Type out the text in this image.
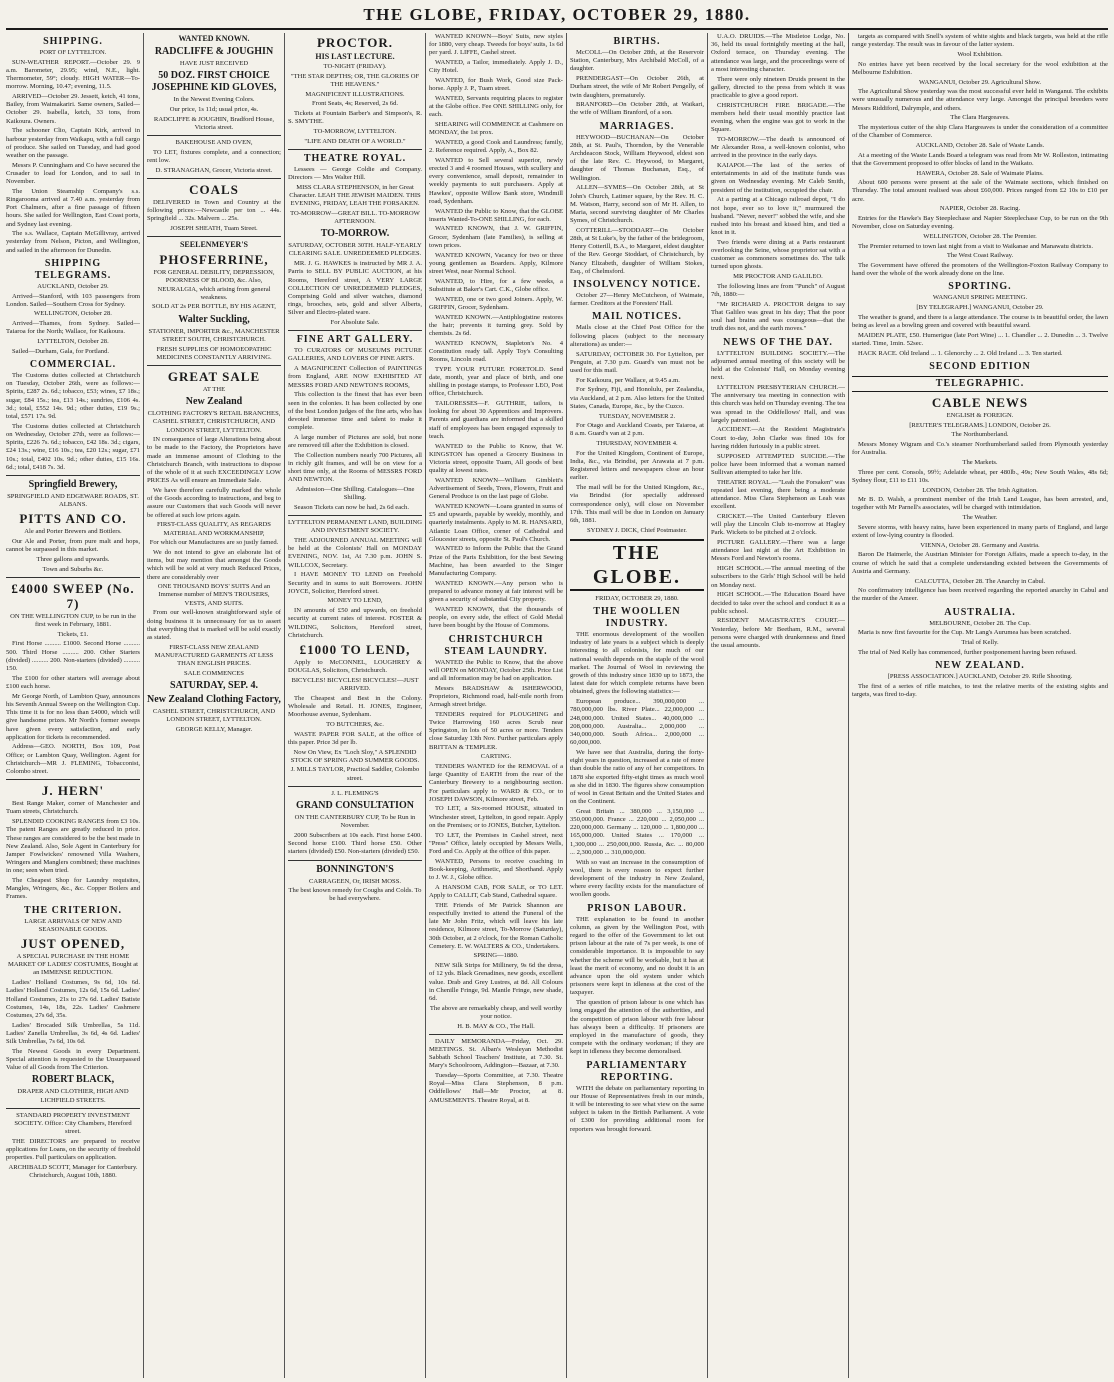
THE GLOBE, FRIDAY, OCTOBER 29, 1880.
SHIPPING.
PORT OF LYTTELTON.
SUN-WEATHER REPORT.—October 29. 9 a.m. Barometer, 29.95; wind, N.E., light. Thermometer, 59°; cloudy. HIGH WATER—To-morrow. Morning, 10.47; evening, 11.5.
ARRIVED—October 29. Jessett, ketch, 41 tons, Bailey, from Waimakariri. Same owners, Sailed—October 29. Isabella, ketch, 33 tons, from Kaikoura. Owners.
The schooner Clio, Captain Kirk, arrived in harbour yesterday from Waikapu, with a full cargo of produce. She sailed on Tuesday, and had good weather on the passage.
Messrs P. Cunningham and Co have secured the Crusader to load for London, and to sail in November.
The Union Steamship Company's s.s. Ringarooma arrived at 7.40 a.m. yesterday from Port Chalmers, after a fine passage of fifteen hours. She sailed for Wellington, East Coast ports, and Sydney last evening.
The s.s. Wallace, Captain McGillivray, arrived yesterday from Nelson, Picton, and Wellington, and sailed in the afternoon for Dunedin.
SHIPPING TELEGRAMS.
AUCKLAND, October 29.
Arrived—Stanford, with 103 passengers from London. Sailed—Southern Cross for Sydney.
WELLINGTON, October 28.
Arrived—Thames, from Sydney. Sailed—Taiaroa for the North; Wallace, for Kaikoura.
LYTTELTON, October 28.
Sailed—Durham, Gala, for Portland.
COMMERCIAL.
The Customs duties collected at Christchurch on Tuesday, October 26th, were as follows:—Spirits, £287 2s. 6d.; tobacco, £53; wines, £7 18s.; sugar, £84 15s.; tea, £13 14s.; sundries, £106 4s. 3d.; total, £552 14s. 9d.; other duties, £19 9s.; total, £571 17s. 9d.
The Customs duties collected at Christchurch on Wednesday, October 27th, were as follows:—Spirits, £226 7s. 6d.; tobacco, £42 18s. 3d.; cigars, £24 13s.; wine, £16 10s.; tea, £20 12s.; sugar, £71 10s.; total, £402 10s. 9d.; other duties, £15 16s. 6d.; total, £418 7s. 3d.
Springfield Brewery,
SPRINGFIELD AND EDGEWARE ROADS, ST. ALBANS.
PITTS AND CO.
Ale and Porter Brewers and Bottlers.
Our Ale and Porter, from pure malt and hops, cannot be surpassed in this market.
Three gallons and upwards.
Town and Suburbs &c.
£4000 SWEEP (No. 7)
ON THE WELLINGTON CUP, to be run in the first week in February, 1881.
Tickets, £1.
First Horse .......... £1000. Second Horse .......... 500. Third Horse .......... 200. Other Starters (divided) .......... 200. Non-starters (divided) .......... 150.
The £100 for other starters will average about £100 each horse.
Mr George North, of Lambton Quay, announces his Seventh Annual Sweep on the Wellington Cup. This time it is for no less than £4000, which will give handsome prizes. Mr North's former sweeps have given every satisfaction, and early application for tickets is recommended.
Address—GEO. NORTH, Box 109, Post Office; or Lambton Quay, Wellington. Agent for Christchurch—MR J. FLEMING, Tobacconist, Colombo street.
J. HERN'
Best Range Maker, corner of Manchester and Tuam streets, Christchurch.
SPLENDID COOKING RANGES from £3 10s. The patent Ranges are greatly reduced in price. These ranges are considered to be the best made in New Zealand. Also, Sole Agent in Canterbury for Jamper Fowlwickes' renowned Villa Washers, Wringers and Manglers combined; these machines in one; seen when tried.
The Cheapest Shop for Laundry requisites, Mangles, Wringers, &c., &c. Copper Boilers and Frames.
THE CRITERION.
LARGE ARRIVALS OF NEW AND SEASONABLE GOODS.
JUST OPENED,
A SPECIAL PURCHASE IN THE HOME MARKET OF LADIES' COSTUMES, Bought at an IMMENSE REDUCTION.
Ladies' Holland Costumes, 9s 6d, 10s 6d. Ladies' Holland Costumes, 12s 6d, 15s 6d. Ladies' Holland Costumes, 21s to 27s 6d. Ladies' Batiste Costumes, 14s, 18s, 22s. Ladies' Cashmere Costumes, 27s 6d, 35s.
Ladies' Brocaded Silk Umbrellas, 5s 11d. Ladies' Zanella Umbrellas, 3s 6d, 4s 6d. Ladies' Silk Umbrellas, 7s 6d, 10s 6d.
The Newest Goods in every Department. Special attention is requested to the Unsurpassed Value of all Goods from The Criterion.
ROBERT BLACK,
DRAPER AND CLOTHIER, HIGH AND LICHFIELD STREETS.
STANDARD PROPERTY INVESTMENT SOCIETY. Office: City Chambers, Hereford street.
THE DIRECTORS are prepared to receive applications for Loans, on the security of freehold properties. Full particulars on application.
ARCHIBALD SCOTT, Manager for Canterbury. Christchurch, August 10th, 1880.
WANTED KNOWN.
RADCLIFFE & JOUGHIN
HAVE JUST RECEIVED
50 DOZ. FIRST CHOICE JOSEPHINE KID GLOVES,
In the Newest Evening Colors.
Our price, 1s 11d; usual price, 4s.
RADCLIFFE & JOUGHIN, Bradford House, Victoria street.
BAKEHOUSE AND OVEN,
TO LET, fixtures complete, and a connection; rent low.
D. STRANAGHAN, Grocer, Victoria street.
COALS
DELIVERED in Town and Country at the following prices:—Newcastle per ton ... 44s. Springfield ... 32s. Malvern ... 25s.
JOSEPH SHEATH, Tuam Street.
SEELENMEYER'S
PHOSFERRINE,
FOR GENERAL DEBILITY, DEPRESSION, POORNESS OF BLOOD, &c. Also, NEURALGIA, which arising from general weakness.
SOLD AT 2s PER BOTTLE, BY HIS AGENT,
Walter Suckling,
STATIONER, IMPORTER &c., MANCHESTER STREET SOUTH, CHRISTCHURCH.
FRESH SUPPLIES OF HOMOEOPATHIC MEDICINES CONSTANTLY ARRIVING.
GREAT SALE
AT THE
New Zealand
CLOTHING FACTORY'S RETAIL BRANCHES, CASHEL STREET, CHRISTCHURCH, AND LONDON STREET, LYTTELTON.
IN consequence of large Alterations being about to be made to the Factory, the Proprietors have made an immense amount of Clothing to the Christchurch Branch, with instructions to dispose of the whole of it at such EXCEEDINGLY LOW PRICES As will ensure an Immediate Sale.
We have therefore carefully marked the whole of the Goods according to instructions, and beg to assure our Customers that such Goods will never be offered at such low prices again.
FIRST-CLASS QUALITY, AS REGARDS MATERIAL AND WORKMANSHIP,
For which our Manufactures are so justly famed.
We do not intend to give an elaborate list of items, but may mention that amongst the Goods which will be sold at very much Reduced Prices, there are considerably over
ONE THOUSAND BOYS' SUITS And an Immense number of MEN'S TROUSERS, VESTS, AND SUITS.
From our well-known straightforward style of doing business it is unnecessary for us to assert that everything that is marked will be sold exactly as stated.
FIRST-CLASS NEW ZEALAND MANUFACTURED GARMENTS AT LESS THAN ENGLISH PRICES.
SALE COMMENCES
SATURDAY, SEP. 4.
New Zealand Clothing Factory,
CASHEL STREET, CHRISTCHURCH, AND LONDON STREET, LYTTELTON.
GEORGE KELLY, Manager.
PROCTOR.
HIS LAST LECTURE.
TO-NIGHT (FRIDAY).
"THE STAR DEPTHS; OR, THE GLORIES OF THE HEAVENS."
MAGNIFICENT ILLUSTRATIONS.
Front Seats, 4s; Reserved, 2s 6d.
Tickets at Fountain Barber's and Simpson's, R. S. SMYTHE.
TO-MORROW, LYTTELTON.
"LIFE AND DEATH OF A WORLD."
THEATRE ROYAL.
Lessees — George Coldie and Company. Directors — Mrs Walter Hill.
MISS CLARA STEPHENSON, in her Great Character. LEAH THE JEWISH MAIDEN. THIS EVENING, FRIDAY, LEAH THE FORSAKEN.
TO-MORROW—GREAT BILL. TO-MORROW AFTERNOON.
TO-MORROW.
SATURDAY, OCTOBER 30TH. HALF-YEARLY CLEARING SALE. UNREDEEMED PLEDGES.
MR. J. G. HAWKES is instructed by MR J. A. Parris to SELL BY PUBLIC AUCTION, at his Rooms, Hereford street, A VERY LARGE COLLECTION OF UNREDEEMED PLEDGES, Comprising Gold and silver watches, diamond rings, brooches, sets, gold and silver Alberts, Silver and Electro-plated ware.
For Absolute Sale.
FINE ART GALLERY.
TO CURATORS OF MUSEUMS PICTURE GALLERIES, AND LOVERS OF FINE ARTS.
A MAGNIFICENT Collection of PAINTINGS from England, ARE NOW EXHIBITED AT MESSRS FORD AND NEWTON'S ROOMS,
This collection is the finest that has ever been seen in the colonies. It has been collected by one of the best London judges of the fine arts, who has devoted immense time and talent to make it complete.
A large number of Pictures are sold, but none are removed till after the Exhibition is closed.
The Collection numbers nearly 700 Pictures, all in richly gilt frames, and will be on view for a short time only, at the Rooms of MESSRS FORD AND NEWTON.
Admission—One Shilling. Catalogues—One Shilling.
Season Tickets can now be had, 2s 6d each.
LYTTELTON PERMANENT LAND, BUILDING AND INVESTMENT SOCIETY.
THE ADJOURNED ANNUAL MEETING will be held at the Colonists' Hall on MONDAY EVENING, NOV. 1st, At 7.30 p.m. JOHN S. WILLCOX, Secretary.
I HAVE MONEY TO LEND on Freehold Security and in sums to suit Borrowers. JOHN JOYCE, Solicitor, Hereford street.
MONEY TO LEND,
IN amounts of £50 and upwards, on freehold security at current rates of interest. FOSTER & WILDING, Solicitors, Hereford street, Christchurch.
£1000 TO LEND,
Apply to McCONNEL, LOUGHREY & DOUGLAS, Solicitors, Christchurch.
BICYCLES! BICYCLES! BICYCLES!—JUST ARRIVED.
The Cheapest and Best in the Colony. Wholesale and Retail. H. JONES, Engineer, Moorhouse avenue, Sydenham.
TO BUTCHERS, &c.
WASTE PAPER FOR SALE, at the office of this paper. Price 3d per lb.
Now On View, Ex "Loch Sloy," A SPLENDID STOCK OF SPRING AND SUMMER GOODS.
J. MILLS TAYLOR, Practical Saddler, Colombo street.
J. L. FLEMING'S
GRAND CONSULTATION
ON THE CANTERBURY CUP, To be Run in November.
2000 Subscribers at 10s each. First horse £400. Second horse £100. Third horse £50. Other starters (divided) £50. Non-starters (divided) £50.
BONNINGTON'S
CARRAGEEN, Or, IRISH MOSS.
The best known remedy for Coughs and Colds. To be had everywhere.
WANTED KNOWN—Boys' Suits, new styles for 1880, very cheap. Tweeds for boys' suits, 1s 6d per yard. J. LIFFE, Cashel street.
WANTED, a Tailor, immediately. Apply J. D., City Hotel.
WANTED, for Bush Work, Good size Pack-horse. Apply J. P., Tuam street.
WANTED, Servants requiring places to register at the Globe office. Fee ONE SHILLING only, for each.
SHEARING will COMMENCE at Cashmere on MONDAY, the 1st prox.
WANTED, a good Cook and Laundress; family, 2. Reference required. Apply, A., Box 82.
WANTED to Sell several superior, newly erected 3 and 4 roomed Houses, with scullery and every convenience, small deposit, remainder in weekly payments to suit purchasers. Apply at Hawkes', opposite Willow Bank store, Windmill road, Sydenham.
WANTED the Public to Know, that the GLOBE inserts Wanted-To-ONE SHILLING, for each.
WANTED KNOWN, that J. W. GRIFFIN, Grocer, Sydenham (late Families), is selling at town prices.
WANTED KNOWN, Vacancy for two or three young gentlemen as Boarders. Apply, Kilmore street West, near Normal School.
WANTED, to Hire, for a few weeks, a Substitute at Baker's Cart. C.K., Globe office.
WANTED, one or two good Joiners. Apply, W. GRIFFIN, Grocer, Sydenham.
WANTED KNOWN.—Antiphlogistine restores the hair; prevents it turning grey. Sold by chemists. 2s 6d.
WANTED KNOWN, Stapleton's No. 4 Constitution ready tall. Apply Toy's Consulting Rooms, Lincoln road.
TYPE YOUR FUTURE FORETOLD. Send date, month, year and place of birth, and one shilling in postage stamps, to Professor LEO, Post office, Christchurch.
TAILORESSES—F. GUTHRIE, tailors, is looking for about 30 Apprentices and Improvers. Parents and guardians are informed that a skilled staff of employees has been engaged expressly to teach.
WANTED to the Public to Know, that W. KINGSTON has opened a Grocery Business in Victoria street, opposite Tuam, All goods of best quality at lowest rates.
WANTED KNOWN—William Gimblett's Advertisement of Seeds, Trees, Flowers, Fruit and General Produce is on the last page of Globe.
WANTED KNOWN—Loans granted in sums of £5 and upwards, payable by weekly, monthly, and quarterly instalments. Apply to M. R. HANSARD, Atlantic Loan Office, corner of Cathedral and Gloucester streets, opposite St. Paul's Church.
WANTED to Inform the Public that the Grand Prize of the Paris Exhibition, for the best Sewing Machine, has been awarded to the Singer Manufacturing Company.
WANTED KNOWN.—Any person who is prepared to advance money at fair interest will be given a security of substantial City property.
WANTED KNOWN, that the thousands of people, on every side, the effect of Gold Medal have been bought by the House of Commons.
CHRISTCHURCH STEAM LAUNDRY.
WANTED the Public to Know, that the above will OPEN on MONDAY, October 25th. Price List and all information may be had on application.
Messrs BRADSHAW & ISHERWOOD, Proprietors, Richmond road, half-mile north from Armagh street bridge.
TENDERS required for PLOUGHING and Twice Harrowing 160 acres Scrub near Springston, in lots of 50 acres or more. Tenders close Saturday 13th Nov. Further particulars apply BRITTAN & TEMPLER.
CARTING.
TENDERS WANTED for the REMOVAL of a large Quantity of EARTH from the rear of the Canterbury Brewery to a neighbouring section. For particulars apply to WARD & CO., or to JOSEPH DAWSON, Kilmore street, Feb.
TO LET, a Six-roomed HOUSE, situated in Winchester street, Lyttelton, in good repair. Apply on the Premises; or to JONES, Butcher, Lyttelton.
TO LET, the Premises in Cashel street, next "Press" Office, lately occupied by Messrs Wells, Ford and Co. Apply at the office of this paper.
WANTED, Persons to receive coaching in Book-keeping, Arithmetic, and Shorthand. Apply to J. W. J., Globe office.
A HANSOM CAB, FOR SALE, or TO LET. Apply to CALLIT, Cab Stand, Cathedral square.
THE Friends of Mr Patrick Shannon are respectfully invited to attend the Funeral of the late Mr John Fritz, which will leave his late residence, Kilmore street, To-Morrow (Saturday), 30th October, at 2 o'clock, for the Roman Catholic Cemetery. E. W. WALTERS & CO., Undertakers.
SPRING—1880.
NEW Silk Strips for Millinery, 9s 6d the dress, of 12 yds. Black Grenadines, new goods, excellent value. Drab and Grey Lustres, at 8d. All Colours in Chenille Fringe, 9d. Mantle Fringe, new shade, 6d.
The above are remarkably cheap, and well worthy your notice.
H. B. MAY & CO., The Hall.
DAILY MEMORANDA—Friday, Oct. 29. MEETINGS. St. Alban's Wesleyan Methodist Sabbath School Teachers' Institute, at 7.30. St. Mary's Schoolroom, Addington—Bazaar, at 7.30.
Tuesday—Sports Committee, at 7.30. Theatre Royal—Miss Clara Stephenson, 8 p.m. Oddfellows' Hall—Mr Proctor, at 8. AMUSEMENTS. Theatre Royal, at 8.
BIRTHS.
McCOLL—On October 28th, at the Reservoir Station, Canterbury, Mrs Archibald McColl, of a daughter.
PRENDERGAST—On October 26th, at Durham street, the wife of Mr Robert Pengelly, of twin daughters, prematurely.
BRANFORD—On October 28th, at Waikari, the wife of William Branford, of a son.
MARRIAGES.
HEYWOOD—BUCHANAN—On October 28th, at St. Paul's, Thorndon, by the Venerable Archdeacon Stock, William Heywood, eldest son of the late Rev. C. Heywood, to Margaret, daughter of Thomas Buchanan, Esq., of Wellington.
ALLEN—SYMES—On October 28th, at St John's Church, Latimer square, by the Rev. H. C. M. Watson, Harry, second son of Mr H. Allen, to Maria, second surviving daughter of Mr Charles Symes, of Christchurch.
COTTERILL—STODDART—On October 28th, at St Luke's, by the father of the bridegroom, Henry Cotterill, B.A., to Margaret, eldest daughter of the Rev. George Stoddart, of Christchurch, by Nancy Elizabeth, daughter of William Stokes, Esq., of Chelmsford.
INSOLVENCY NOTICE.
October 27—Henry McCutcheon, of Waimate, farmer. Creditors at the Foresters' Hall.
MAIL NOTICES.
Mails close at the Chief Post Office for the following places (subject to the necessary alterations) as under:—
SATURDAY, OCTOBER 30. For Lyttelton, per Penguin, at 7.30 p.m. Guard's van must not be used for this mail.
For Kaikoura, per Wallace, at 9.45 a.m.
For Sydney, Fiji, and Honolulu, per Zealandia, via Auckland, at 2 p.m. Also letters for the United States, Canada, Europe, &c., by the Cuzco.
TUESDAY, NOVEMBER 2.
For Otago and Auckland Coasts, per Taiaroa, at 8 a.m. Guard's van at 2 p.m.
THURSDAY, NOVEMBER 4.
For the United Kingdom, Continent of Europe, India, &c., via Brindisi, per Arawata at 7 p.m. Registered letters and newspapers close an hour earlier.
The mail will be for the United Kingdom, &c., via Brindisi (for specially addressed correspondence only), will close on November 17th. This mail will be due in London on January 6th, 1881.
SYDNEY J. DICK, Chief Postmaster.
THE GLOBE.
FRIDAY, OCTOBER 29, 1880.
THE WOOLLEN INDUSTRY.
THE enormous development of the woollen industry of late years is a subject which is deeply interesting to all colonists, for much of our national wealth depends on the staple of the wool market. The Journal of Wool in reviewing the growth of this industry since 1830 up to 1873, the latest date for which complete returns have been obtained, gives the following statistics:—
European produce... 390,000,000 ... 780,000,000 lbs. River Plate... 22,000,000 ... 248,000,000. United States... 40,000,000 ... 208,000,000. Australia... 2,000,000 ... 340,000,000. South Africa... 2,000,000 ... 60,000,000.
We have see that Australia, during the forty-eight years in question, increased at a rate of more than double the ratio of any of her competitors. In 1878 she exported fifty-eight times as much wool as she did in 1830. The figures show consumption of wool in Great Britain and the United States and on the Continent.
Great Britain ... 380,000 ... 3,150,000 ... 350,000,000. France ... 220,000 ... 2,050,000 ... 220,000,000. Germany ... 120,000 ... 1,800,000 ... 165,000,000. United States ... 170,000 ... 1,300,000 ... 250,000,000. Russia, &c. ... 80,000 ... 2,300,000 ... 310,000,000.
With so vast an increase in the consumption of wool, there is every reason to expect further development of the industry in New Zealand, where every facility exists for the manufacture of woollen goods.
PRISON LABOUR.
THE explanation to be found in another column, as given by the Wellington Post, with regard to the offer of the Government to let out prison labour at the rate of 7s per week, is one of considerable importance. It is impossible to say whether the scheme will be workable, but it has at least the merit of economy, and no doubt it is an advance upon the old system under which prisoners were kept in idleness at the cost of the taxpayer.
The question of prison labour is one which has long engaged the attention of the authorities, and the competition of prison labour with free labour has always been a difficulty. If prisoners are employed in the manufacture of goods, they compete with the ordinary workman; if they are kept in idleness they become demoralised.
PARLIAMENTARY REPORTING.
WITH the debate on parliamentary reporting in our House of Representatives fresh in our minds, it will be interesting to see what view on the same subject is taken in the British Parliament. A vote of £300 for providing additional room for reporters was brought forward.
U.A.O. DRUIDS.—The Mistletoe Lodge, No. 36, held its usual fortnightly meeting at the hall, Oxford terrace, on Thursday evening. The attendance was large, and the proceedings were of a most interesting character.
There were only nineteen Druids present in the gallery, directed to the press from which it was practicable to give a good report.
CHRISTCHURCH FIRE BRIGADE.—The members held their usual monthly practice last evening, when the engine was got to work in the Square.
TO-MORROW.—The death is announced of Mr Alexander Ross, a well-known colonist, who arrived in the province in the early days.
KAIAPOI.—The last of the series of entertainments in aid of the institute funds was given on Wednesday evening. Mr Caleb Smith, president of the institution, occupied the chair.
At a parting at a Chicago railroad depot, "I do not hope, ever so to love it," murmured the husband. "Never, never!" sobbed the wife, and she rushed into his breast and kissed him, and tied a knot in it.
Two friends were dining at a Paris restaurant overlooking the Seine, whose proprietor sat with a customer as commoners sometimes do. The talk turned upon ghosts.
MR PROCTOR AND GALILEO.
The following lines are from "Punch" of August 7th, 1880:—
"Mr RICHARD A. PROCTOR deigns to say That Galileo was great in his day; That the poor soul had brains and was courageous—that the truth dies not, and the earth moves."
NEWS OF THE DAY.
LYTTELTON BUILDING SOCIETY.—The adjourned annual meeting of this society will be held at the Colonists' Hall, on Monday evening next.
LYTTELTON PRESBYTERIAN CHURCH.—The anniversary tea meeting in connection with this church was held on Thursday evening. The tea was spread in the Oddfellows' Hall, and was largely patronised.
ACCIDENT.—At the Resident Magistrate's Court to-day, John Clarke was fined 10s for having ridden furiously in a public street.
SUPPOSED ATTEMPTED SUICIDE.—The police have been informed that a woman named Sullivan attempted to take her life.
THEATRE ROYAL.—"Leah the Forsaken" was repeated last evening, there being a moderate attendance. Miss Clara Stephenson as Leah was excellent.
CRICKET.—The United Canterbury Eleven will play the Lincoln Club to-morrow at Hagley Park. Wickets to be pitched at 2 o'clock.
PICTURE GALLERY.—There was a large attendance last night at the Art Exhibition in Messrs Ford and Newton's rooms.
HIGH SCHOOL.—The annual meeting of the subscribers to the Girls' High School will be held on Monday next.
HIGH SCHOOL.—The Education Board have decided to take over the school and conduct it as a public school.
RESIDENT MAGISTRATE'S COURT.—Yesterday, before Mr Beetham, R.M., several persons were charged with drunkenness and fined the usual amounts.
targets as compared with Snell's system of white sights and black targets, was held at the rifle range yesterday. The result was in favour of the latter system.
Wool Exhibition.
No entries have yet been received by the local secretary for the wool exhibition at the Melbourne Exhibition.
WANGANUI, October 29. Agricultural Show.
The Agricultural Show yesterday was the most successful ever held in Wanganui. The exhibits were unusually numerous and the attendance very large. Amongst the principal breeders were Messrs Riddiford, Dalrymple, and others.
The Clara Hargreaves.
The mysterious cutter of the ship Clara Hargreaves is under the consideration of a committee of the Chamber of Commerce.
AUCKLAND, October 28. Sale of Waste Lands.
At a meeting of the Waste Lands Board a telegram was read from Mr W. Rolleston, intimating that the Government proposed to offer blocks of land in the Waikato.
HAWERA, October 28. Sale of Waimate Plains.
About 600 persons were present at the sale of the Waimate sections, which finished on Thursday. The total amount realised was about £60,000. Prices ranged from £2 10s to £10 per acre.
NAPIER, October 28. Racing.
Entries for the Hawke's Bay Steeplechase and Napier Steeplechase Cup, to be run on the 9th November, close on Saturday evening.
WELLINGTON, October 28. The Premier.
The Premier returned to town last night from a visit to Waikanae and Manawatu districts.
The West Coast Railway.
The Government have offered the promoters of the Wellington-Foxton Railway Company to hand over the whole of the work already done on the line.
SPORTING.
WANGANUI SPRING MEETING.
[BY TELEGRAPH.] WANGANUI, October 29.
The weather is grand, and there is a large attendance. The course is in beautiful order, the lawn being as level as a bowling green and covered with beautiful sward.
MAIDEN PLATE, £50. Humerigue (late Port Wine) ... 1. Chandler ... 2. Dunedin ... 3. Twelve started. Time, 1min. 52sec.
HACK RACE. Old Ireland ... 1. Glenorchy ... 2. Old Ireland ... 3. Ten started.
SECOND EDITION
TELEGRAPHIC.
CABLE NEWS
ENGLISH & FOREIGN.
[REUTER'S TELEGRAMS.] LONDON, October 26.
The Northumberland.
Messrs Money Wigram and Co.'s steamer Northumberland sailed from Plymouth yesterday for Australia.
The Markets.
Three per cent. Consols, 99½; Adelaide wheat, per 480lb., 49s; New South Wales, 48s 6d; Sydney flour, £11 to £11 10s.
LONDON, October 28. The Irish Agitation.
Mr B. D. Walsh, a prominent member of the Irish Land League, has been arrested, and, together with Mr Parnell's associates, will be charged with intimidation.
The Weather.
Severe storms, with heavy rains, have been experienced in many parts of England, and large extent of low-lying country is flooded.
VIENNA, October 28. Germany and Austria.
Baron De Haimerle, the Austrian Minister for Foreign Affairs, made a speech to-day, in the course of which he said that a complete understanding existed between the Governments of Austria and Germany.
CALCUTTA, October 28. The Anarchy in Cabul.
No confirmatory intelligence has been received regarding the reported anarchy in Cabul and the murder of the Ameer.
AUSTRALIA.
MELBOURNE, October 28. The Cup.
Maria is now first favourite for the Cup. Mr Lang's Aurumea has been scratched.
Trial of Kelly.
The trial of Ned Kelly has commenced, further postponement having been refused.
NEW ZEALAND.
[PRESS ASSOCIATION.] AUCKLAND, October 29. Rifle Shooting.
The first of a series of rifle matches, to test the relative merits of the existing sights and targets, was fired to-day.
